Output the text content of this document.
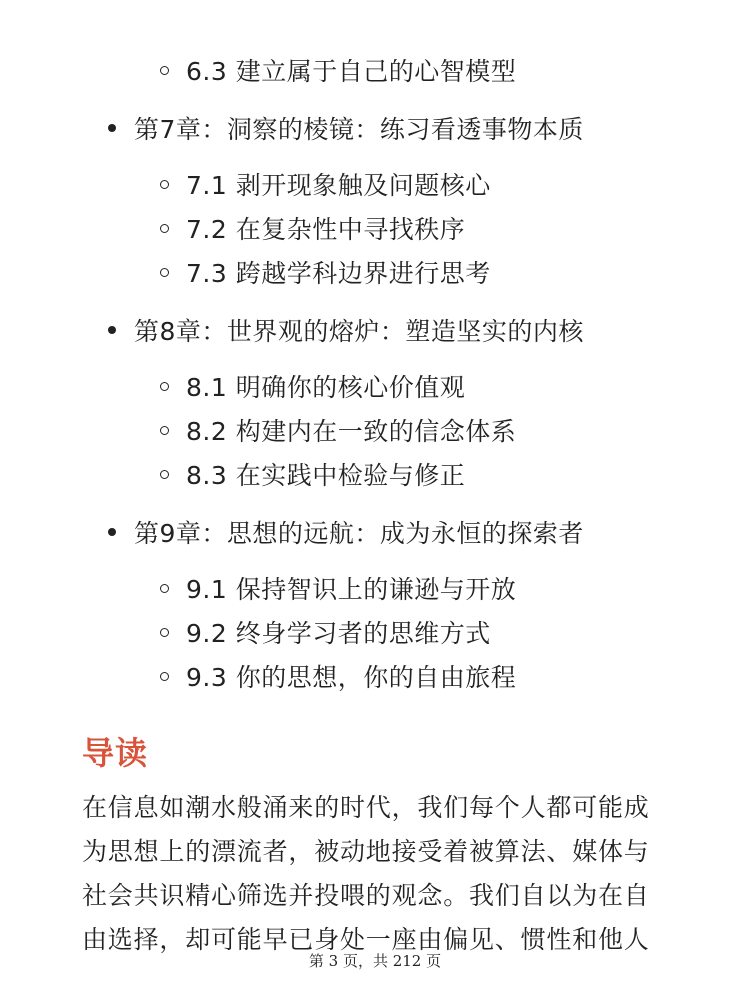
6.3 建立属于自己的心智模型
第7章：洞察的棱镜：练习看透事物本质
7.1 剥开现象触及问题核心
7.2 在复杂性中寻找秩序
7.3 跨越学科边界进行思考
第8章：世界观的熔炉：塑造坚实的内核
8.1 明确你的核心价值观
8.2 构建内在一致的信念体系
8.3 在实践中检验与修正
第9章：思想的远航：成为永恒的探索者
9.1 保持智识上的谦逊与开放
9.2 终身学习者的思维方式
9.3 你的思想，你的自由旅程
导读
在信息如潮水般涌来的时代，我们每个人都可能成
为思想上的漂流者，被动地接受着被算法、媒体与
社会共识精心筛选并投喂的观念。我们自以为在自
由选择，却可能早已身处一座由偏见、惯性和他人
第 3 页，共 212 页
